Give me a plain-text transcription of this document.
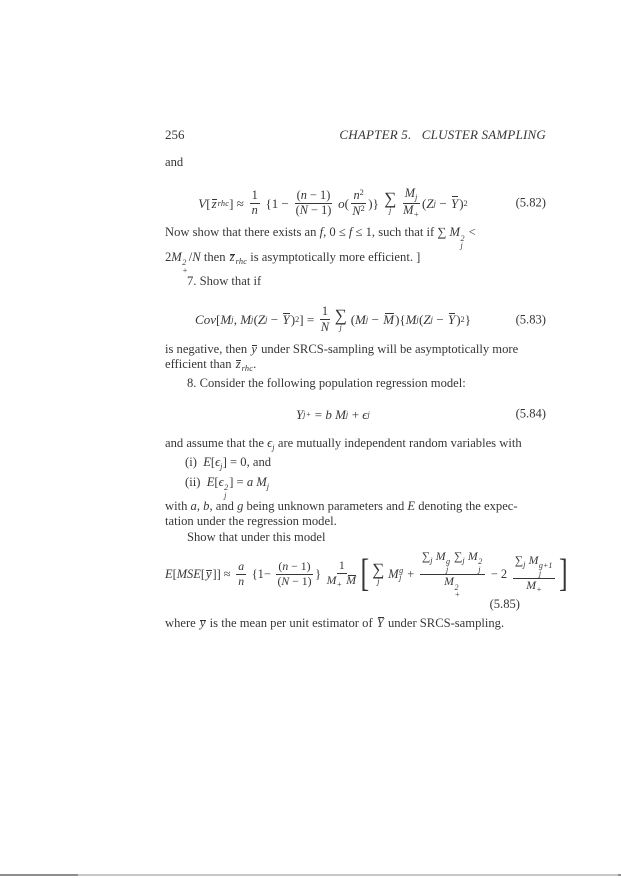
256	CHAPTER 5.   CLUSTER SAMPLING
and
V [ z rhc ] ≈ $\frac{1}{n} \{1 - \frac{(n - 1)}{(N - 1)}$
o ( $\frac{n^2}{N^2}$ )} ∑
j $\frac{M_j}{M_+}$ ( Z j − Y ) 2	(5.82)
Now show that there exists an f, 0 ≤ f ≤ 1, such that if ∑ M 2
j
<
2M 2
+
/N then $z_{rhc}$ is asymptotically more efficient. ]
7. Show that if
Cov [ M j , M j ( Z j − Y ) 2 ] = $\frac{1}{N}$ ∑
j
( M j − M ){ M j ( Z j − Y ) 2 }	(5.83)
is negative, then y under SRCS-sampling will be asymptotically more
efficient than $z_{rhc}$.
8. Consider the following population regression model:
Y j+ = b
M j + ϵ j	(5.84)
and assume that the $\epsilon_j$ are mutually independent random variables with
(i)  $E[\epsilon_j] = 0$, and
(ii)  E[ϵ 2
j
] = a $M_j$
with a, b, and g being unknown parameters and E denoting the expec-
tation under the regression model.
Show that under this model
E [ MSE [ y ]] ≈ $\frac{a}{n} \{1- \frac{(n - 1)}{(N - 1)}$ } $\frac{1}{M_+ M}$ [ ∑
j
M g
$j + \sum_j$ M g
j
$\sum_j$ M 2
j
M 2
+ − 2 $\sum_j$ M g+1
j
$M_+$ ]
(5.85)
where y is the mean per unit estimator of Y under SRCS-sampling.
